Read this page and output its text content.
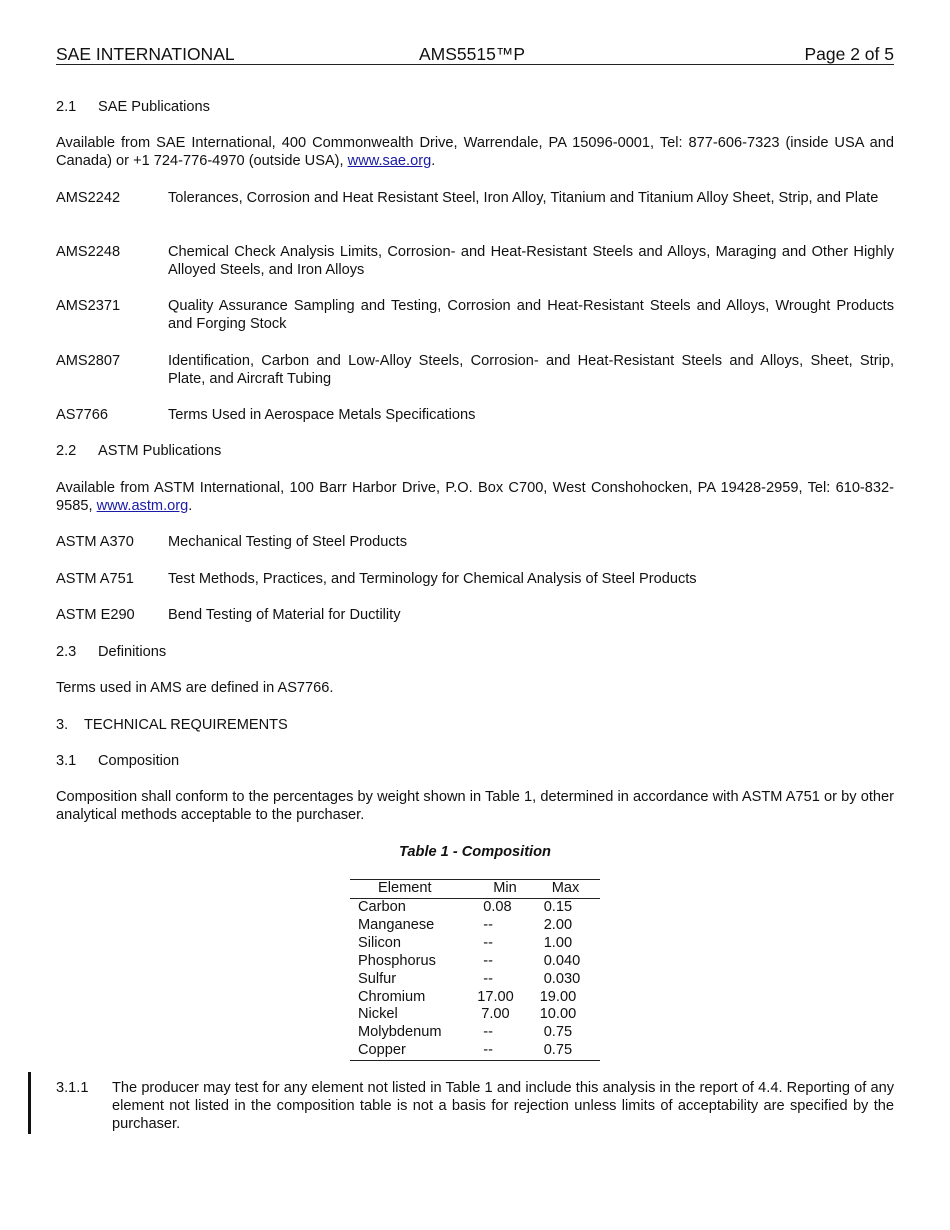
SAE INTERNATIONAL	AMS5515™P	Page 2 of 5
2.1 SAE Publications
Available from SAE International, 400 Commonwealth Drive, Warrendale, PA 15096-0001, Tel: 877-606-7323 (inside USA and Canada) or +1 724-776-4970 (outside USA), www.sae.org.
AMS2242	Tolerances, Corrosion and Heat Resistant Steel, Iron Alloy, Titanium and Titanium Alloy Sheet, Strip, and Plate
AMS2248	Chemical Check Analysis Limits, Corrosion- and Heat-Resistant Steels and Alloys, Maraging and Other Highly Alloyed Steels, and Iron Alloys
AMS2371	Quality Assurance Sampling and Testing, Corrosion and Heat-Resistant Steels and Alloys, Wrought Products and Forging Stock
AMS2807	Identification, Carbon and Low-Alloy Steels, Corrosion- and Heat-Resistant Steels and Alloys, Sheet, Strip, Plate, and Aircraft Tubing
AS7766	Terms Used in Aerospace Metals Specifications
2.2 ASTM Publications
Available from ASTM International, 100 Barr Harbor Drive, P.O. Box C700, West Conshohocken, PA 19428-2959, Tel: 610-832-9585, www.astm.org.
ASTM A370 Mechanical Testing of Steel Products
ASTM A751 Test Methods, Practices, and Terminology for Chemical Analysis of Steel Products
ASTM E290 Bend Testing of Material for Ductility
2.3 Definitions
Terms used in AMS are defined in AS7766.
3. TECHNICAL REQUIREMENTS
3.1 Composition
Composition shall conform to the percentages by weight shown in Table 1, determined in accordance with ASTM A751 or by other analytical methods acceptable to the purchaser.
Table 1 - Composition
Element	Min	Max
Carbon	0.08	0.15
Manganese	--	2.00
Silicon	--	1.00
Phosphorus	--	0.040
Sulfur	--	0.030
Chromium	17.00	19.00
Nickel	7.00	10.00
Molybdenum	--	0.75
Copper	--	0.75
3.1.1 The producer may test for any element not listed in Table 1 and include this analysis in the report of 4.4. Reporting of any element not listed in the composition table is not a basis for rejection unless limits of acceptability are specified by the purchaser.
